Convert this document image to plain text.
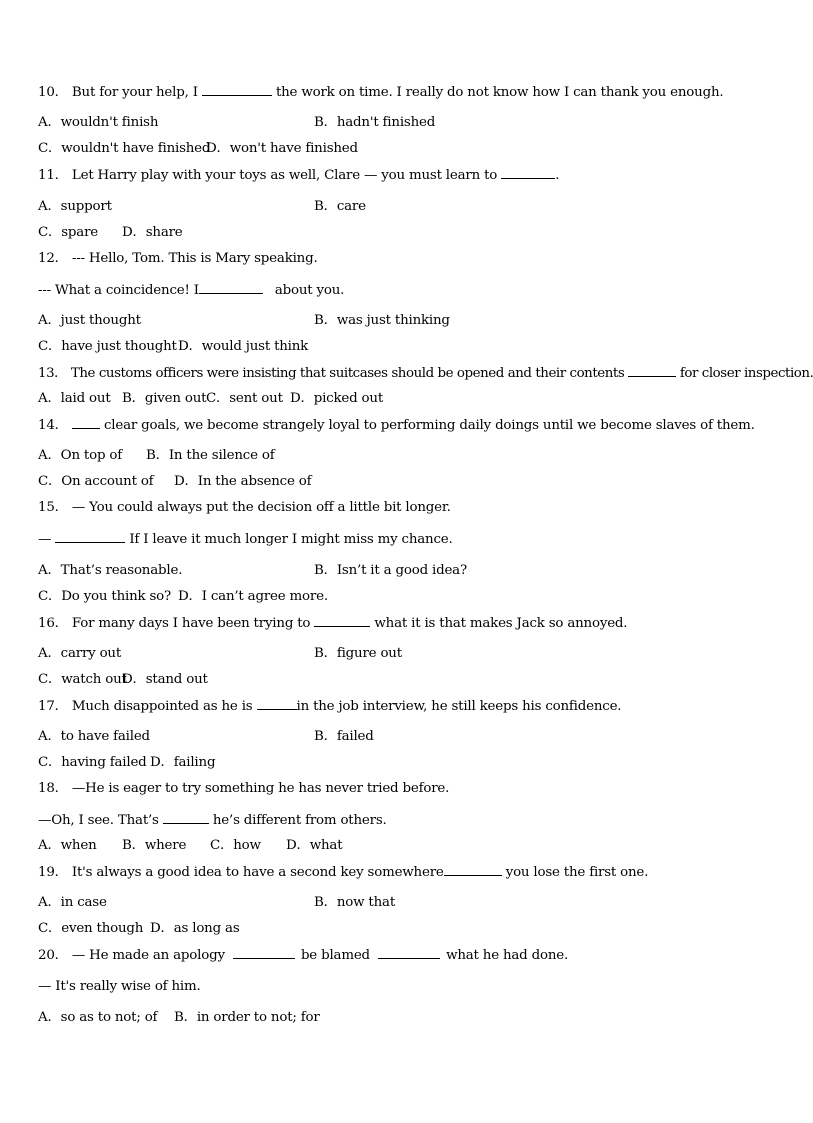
10． But for your help, I	the work on time. I really do not know how I can thank you enough.
A．wouldn't finish	B．hadn't finished
C．wouldn't have finished
D．won't have finished
11． Let Harry play with your toys as well, Clare — you must learn to	.
A．support	B．care
C．spare D．share
12． --- Hello, Tom. This is Mary speaking.
--- What a coincidence! I	about you.
A．just thought	B．was just thinking
C．have just thought D．would just think
13． The customs officers were insisting that suitcases should be opened and their contents	for closer inspection.
A．laid out B．given out C．sent out D．picked out
14．	clear goals, we become strangely loyal to performing daily doings until we become slaves of them.
A．On top of B．In the silence of
C．On account of D．In the absence of
15． — You could always put the decision off a little bit longer.
—	If I leave it much longer I might miss my chance.
A．That’s reasonable.	B．Isn’t it a good idea?
C．Do you think so? D．I can’t agree more.
16． For many days I have been trying to	what it is that makes Jack so annoyed.
A．carry out	B．figure out
C．watch out
D．stand out
17． Much disappointed as he is	in the job interview, he still keeps his confidence.
A．to have failed	B．failed
C．having failed D．failing
18． —He is eager to try something he has never tried before.
—Oh, I see. That’s	he’s different from others.
A．when B．where C．how D．what
19． It's always a good idea to have a second key somewhere	you lose the first one.
A．in case	B．now that
C．even though D．as long as
20． — He made an apology	be blamed	what he had done.
— It's really wise of him.
A．so as to not; of B．in order to not; for
